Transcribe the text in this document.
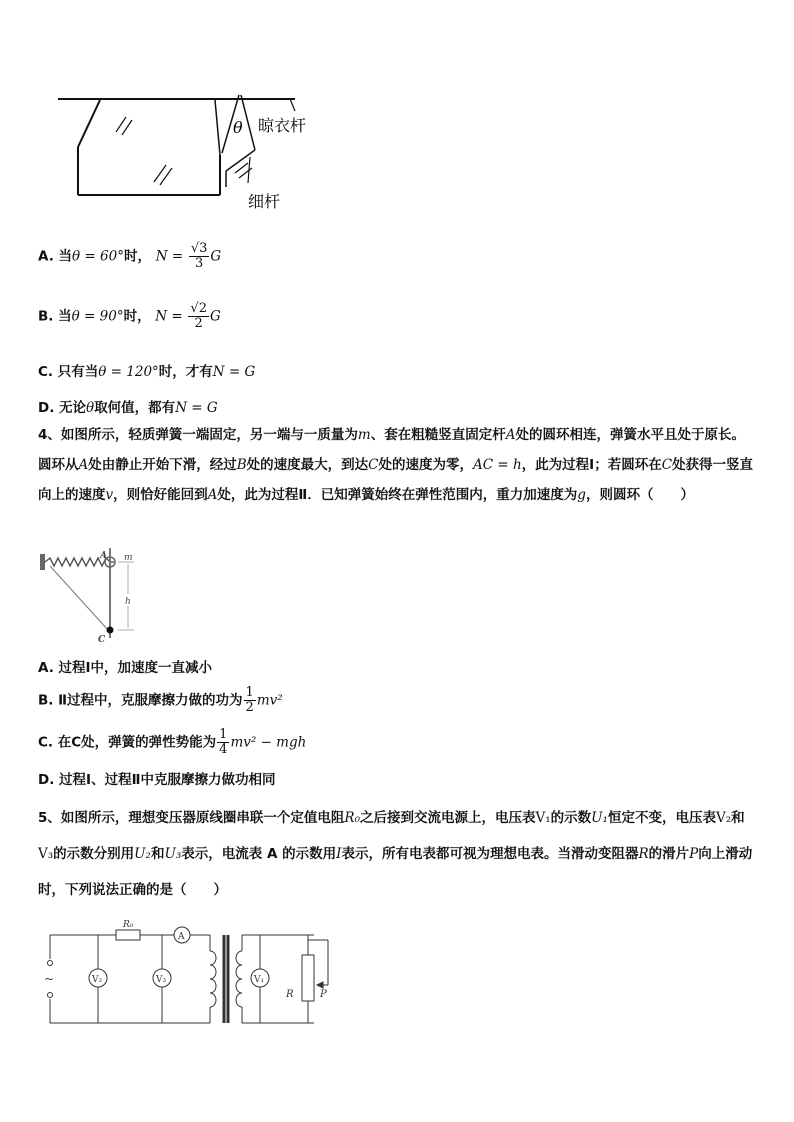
θ 晾衣杆
细杆
A. 当θ = 60°时， $N = \frac{√3}{3}$ G
B. 当θ = 90°时， $N = \frac{√2}{2}$ G
C. 只有当θ = 120°时，才有N = G
D. 无论θ取何值，都有N = G
4、如图所示，轻质弹簧一端固定，另一端与一质量为m、套在粗糙竖直固定杆A处的圆环相连，弹簧水平且处于原长。圆环从A处由静止开始下滑，经过B处的速度最大，到达C处的速度为零，AC = h，此为过程Ⅰ；若圆环在C处获得一竖直向上的速度v，则恰好能回到A处，此为过程Ⅱ．已知弹簧始终在弹性范围内，重力加速度为g，则圆环（　　）
A m
h
C
A. 过程Ⅰ中，加速度一直减小
B. Ⅱ过程中，克服摩擦力做的功为 $\frac{1}{2} mv^2$
C. 在C处，弹簧的弹性势能为 $\frac{1}{4} mv^2$ − mgh
D. 过程Ⅰ、过程Ⅱ中克服摩擦力做功相同
5、如图所示，理想变压器原线圈串联一个定值电阻R₀之后接到交流电源上，电压表V₁的示数U₁恒定不变，电压表V₂和V₃的示数分别用U₂和U₃表示，电流表 A 的示数用I表示，所有电表都可视为理想电表。当滑动变阻器R的滑片P向上滑动时，下列说法正确的是（　　）
R₀
A
V₂	V₃	V₁
R	P
~
